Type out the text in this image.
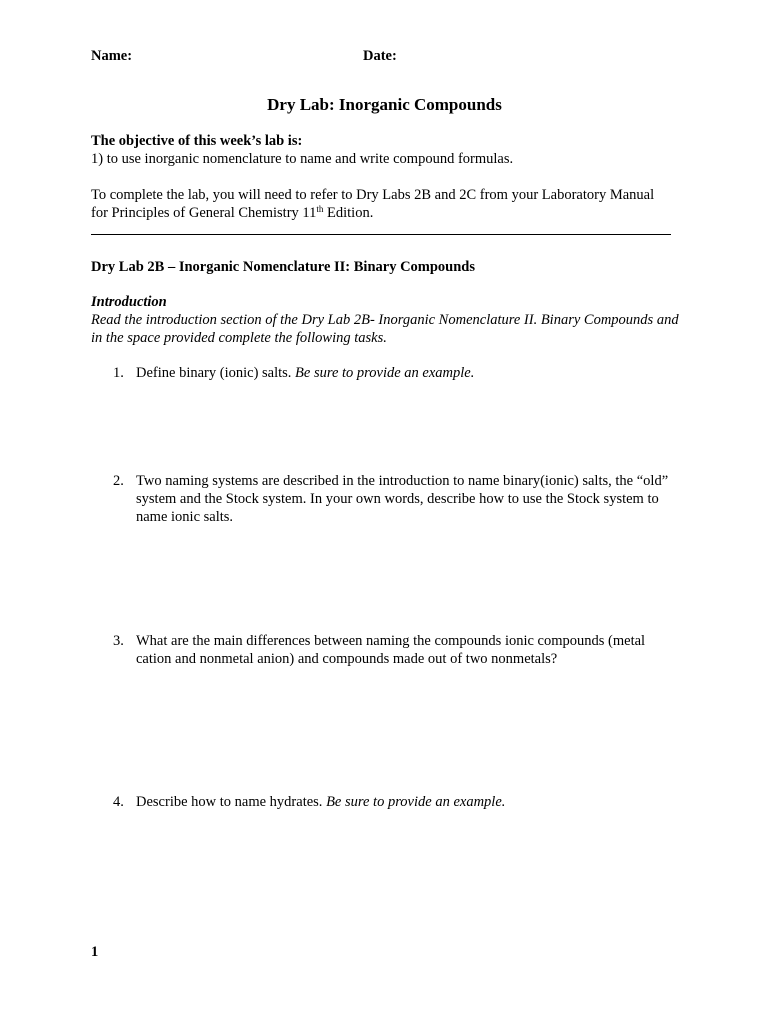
Name:	Date:
Dry Lab: Inorganic Compounds
The objective of this week’s lab is:
1) to use inorganic nomenclature to name and write compound formulas.
To complete the lab, you will need to refer to Dry Labs 2B and 2C from your Laboratory Manual
for Principles of General Chemistry 11th Edition.
Dry Lab 2B – Inorganic Nomenclature II: Binary Compounds
Introduction
Read the introduction section of the Dry Lab 2B- Inorganic Nomenclature II. Binary Compounds and in the space provided complete the following tasks.
1. Define binary (ionic) salts. Be sure to provide an example.
2. Two naming systems are described in the introduction to name binary(ionic) salts, the “old” system and the Stock system. In your own words, describe how to use the Stock system to name ionic salts.
3. What are the main differences between naming the compounds ionic compounds (metal cation and nonmetal anion) and compounds made out of two nonmetals?
4. Describe how to name hydrates. Be sure to provide an example.
1
